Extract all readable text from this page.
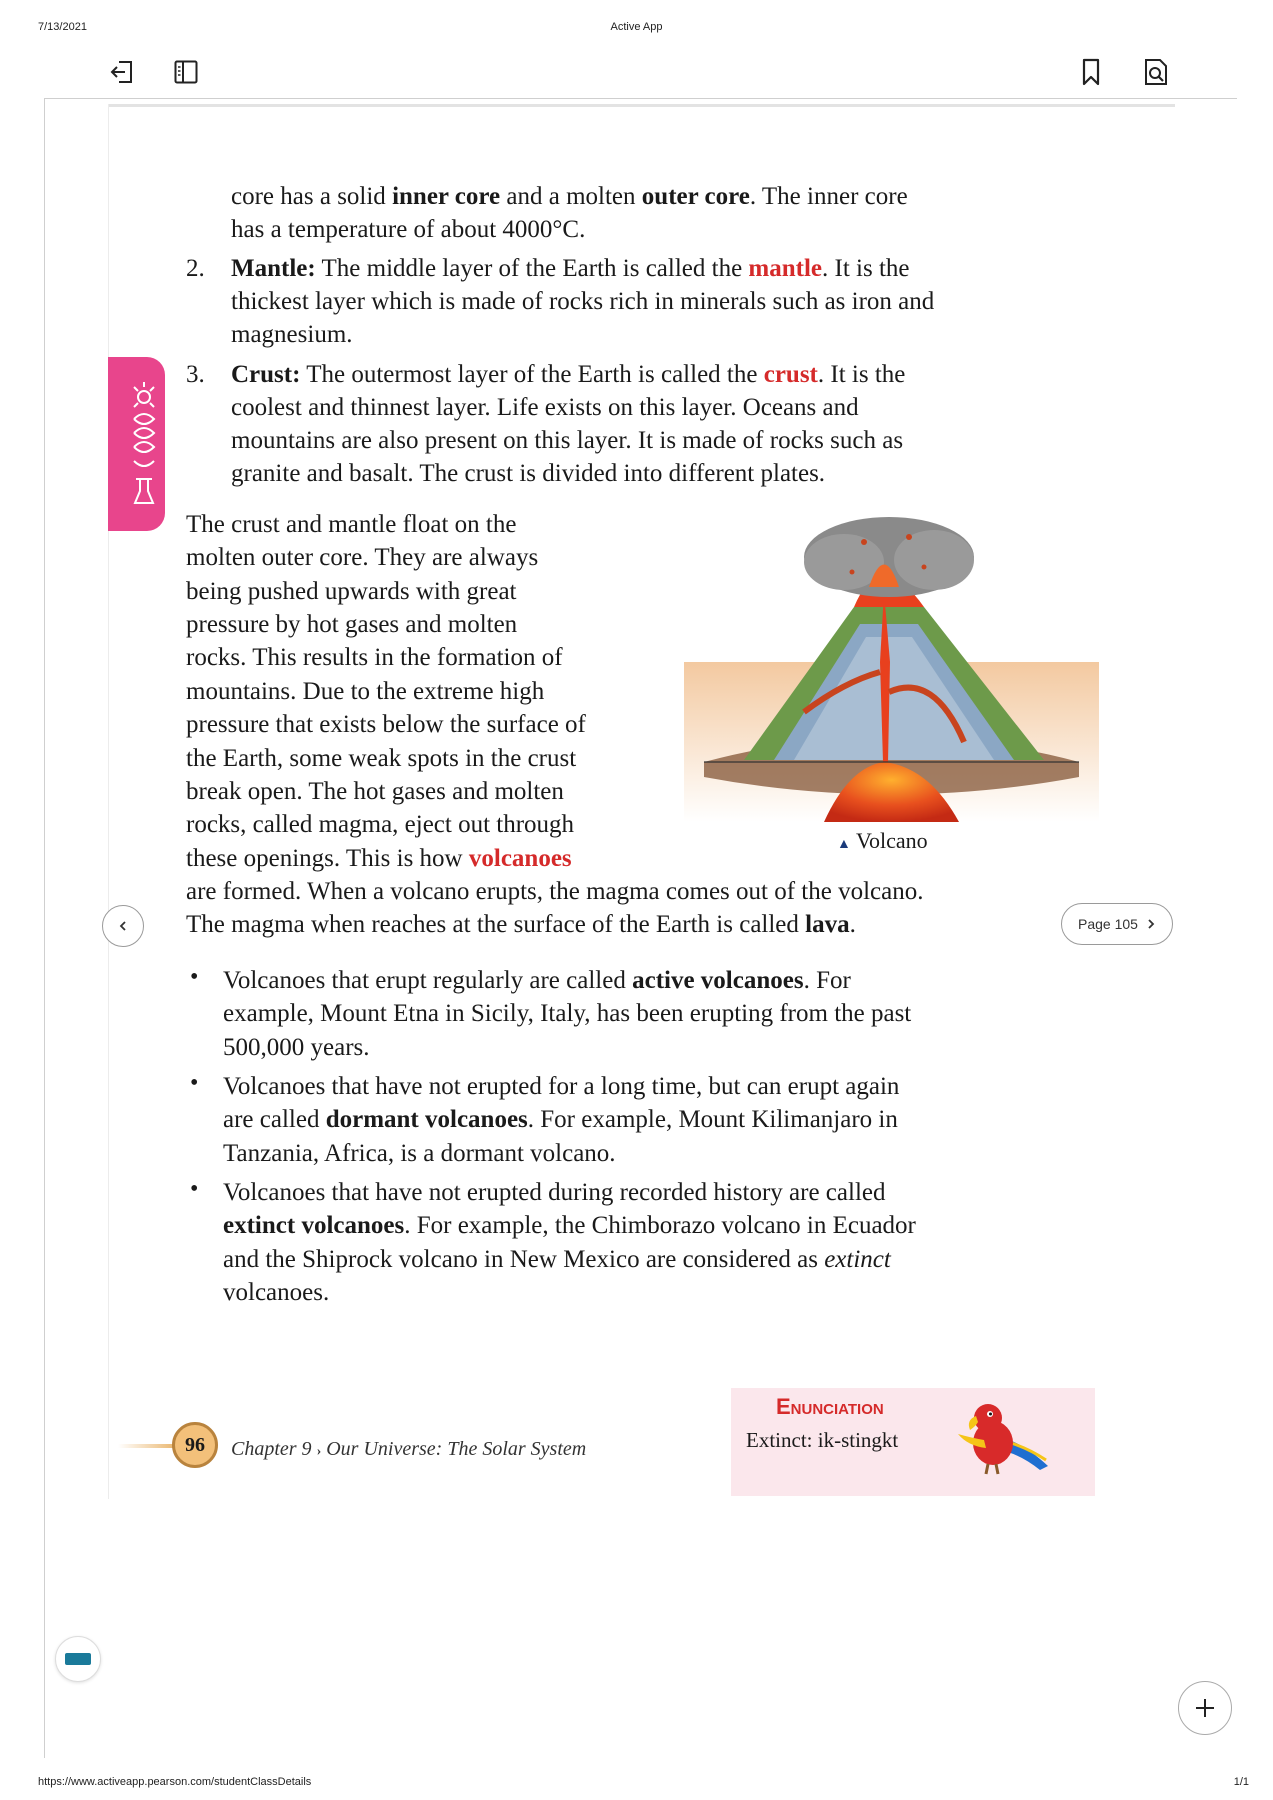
7/13/2021	Active App
core has a solid inner core and a molten outer core. The inner core
has a temperature of about 4000°C.
2. Mantle: The middle layer of the Earth is called the mantle. It is the
thickest layer which is made of rocks rich in minerals such as iron and
magnesium.
3. Crust: The outermost layer of the Earth is called the crust. It is the
coolest and thinnest layer. Life exists on this layer. Oceans and
mountains are also present on this layer. It is made of rocks such as
granite and basalt. The crust is divided into different plates.
The crust and mantle float on the
molten outer core. They are always
being pushed upwards with great
pressure by hot gases and molten
rocks. This results in the formation of
mountains. Due to the extreme high
pressure that exists below the surface of
the Earth, some weak spots in the crust
break open. The hot gases and molten
rocks, called magma, eject out through
these openings. This is how volcanoes
are formed. When a volcano erupts, the magma comes out of the volcano.
The magma when reaches at the surface of the Earth is called lava.
▲ Volcano
Page 105
• Volcanoes that erupt regularly are called active volcanoes. For
example, Mount Etna in Sicily, Italy, has been erupting from the past
500,000 years.
• Volcanoes that have not erupted for a long time, but can erupt again
are called dormant volcanoes. For example, Mount Kilimanjaro in
Tanzania, Africa, is a dormant volcano.
• Volcanoes that have not erupted during recorded history are called
extinct volcanoes. For example, the Chimborazo volcano in Ecuador
and the Shiprock volcano in New Mexico are considered as extinct
volcanoes.
Enunciation
Extinct: ik-stingkt
96	Chapter 9 › Our Universe: The Solar System
https://www.activeapp.pearson.com/studentClassDetails	1/1
